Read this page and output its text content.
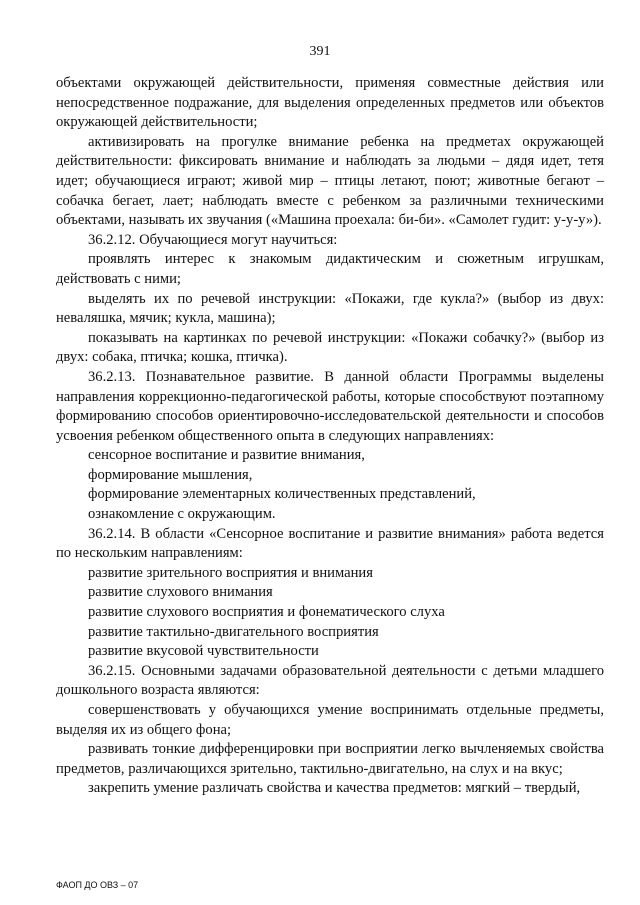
391

объектами окружающей действительности, применяя совместные действия или непосредственное подражание, для выделения определенных предметов или объектов окружающей действительности;

активизировать на прогулке внимание ребенка на предметах окружающей действительности: фиксировать внимание и наблюдать за людьми – дядя идет, тетя идет; обучающиеся играют; живой мир – птицы летают, поют; животные бегают – собачка бегает, лает; наблюдать вместе с ребенком за различными техническими объектами, называть их звучания («Машина проехала: би-би». «Самолет гудит: у-у-у»).

36.2.12. Обучающиеся могут научиться:

проявлять интерес к знакомым дидактическим и сюжетным игрушкам, действовать с ними;

выделять их по речевой инструкции: «Покажи, где кукла?» (выбор из двух: неваляшка, мячик; кукла, машина);

показывать на картинках по речевой инструкции: «Покажи собачку?» (выбор из двух: собака, птичка; кошка, птичка).

36.2.13. Познавательное развитие. В данной области Программы выделены направления коррекционно-педагогической работы, которые способствуют поэтапному формированию способов ориентировочно-исследовательской деятельности и способов усвоения ребенком общественного опыта в следующих направлениях:

сенсорное воспитание и развитие внимания,

формирование мышления,

формирование элементарных количественных представлений,

ознакомление с окружающим.

36.2.14. В области «Сенсорное воспитание и развитие внимания» работа ведется по нескольким направлениям:

развитие зрительного восприятия и внимания

развитие слухового внимания

развитие слухового восприятия и фонематического слуха

развитие тактильно-двигательного восприятия

развитие вкусовой чувствительности

36.2.15. Основными задачами образовательной деятельности с детьми младшего дошкольного возраста являются:

совершенствовать у обучающихся умение воспринимать отдельные предметы, выделяя их из общего фона;

развивать тонкие дифференцировки при восприятии легко вычленяемых свойства предметов, различающихся зрительно, тактильно-двигательно, на слух и на вкус;

закрепить умение различать свойства и качества предметов: мягкий – твердый,

ФАОП ДО ОВЗ – 07
